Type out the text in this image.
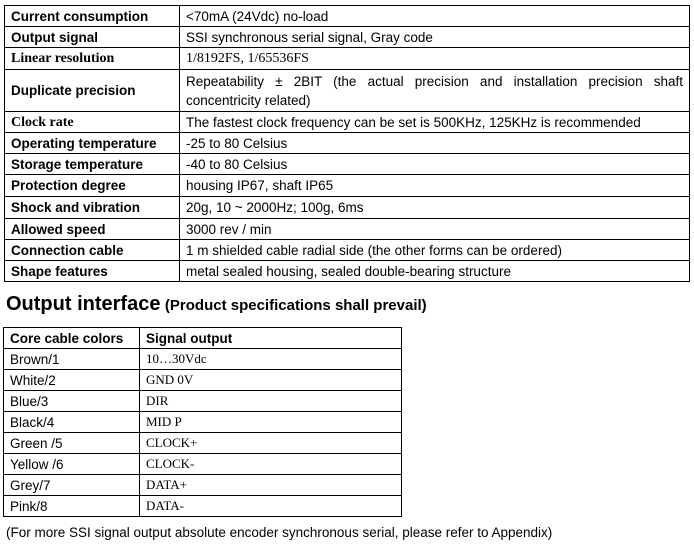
Current consumption	<70mA (24Vdc) no-load
Output signal	SSI synchronous serial signal, Gray code
Linear resolution	1/8192FS, 1/65536FS
Duplicate precision	Repeatability ± 2BIT (the actual precision and installation precision shaft concentricity related)
Clock rate	The fastest clock frequency can be set is 500KHz, 125KHz is recommended
Operating temperature	-25 to 80 Celsius
Storage temperature	-40 to 80 Celsius
Protection degree	housing IP67, shaft IP65
Shock and vibration	20g, 10 ~ 2000Hz; 100g, 6ms
Allowed speed	3000 rev / min
Connection cable	1 m shielded cable radial side (the other forms can be ordered)
Shape features	metal sealed housing, sealed double-bearing structure
Output interface (Product specifications shall prevail)
Core cable colors	Signal output
Brown/1	10…30Vdc
White/2	GND 0V
Blue/3	DIR
Black/4	MID P
Green /5	CLOCK+
Yellow /6	CLOCK-
Grey/7	DATA+
Pink/8	DATA-
(For more SSI signal output absolute encoder synchronous serial, please refer to Appendix)
